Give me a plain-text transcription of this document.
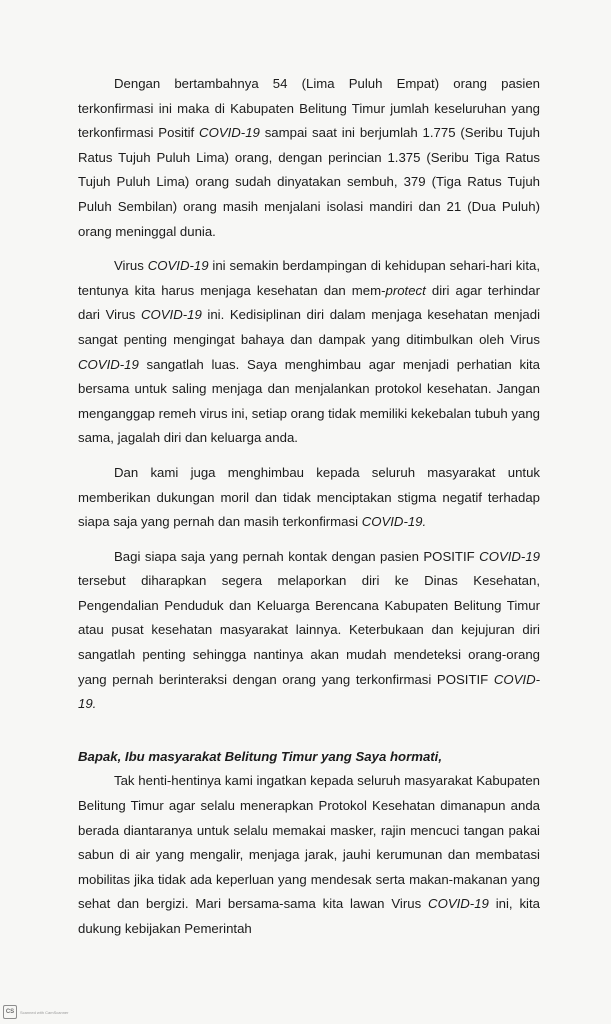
Dengan bertambahnya 54 (Lima Puluh Empat) orang pasien terkonfirmasi ini maka di Kabupaten Belitung Timur jumlah keseluruhan yang terkonfirmasi Positif COVID-19 sampai saat ini berjumlah 1.775 (Seribu Tujuh Ratus Tujuh Puluh Lima) orang, dengan perincian 1.375 (Seribu Tiga Ratus Tujuh Puluh Lima) orang sudah dinyatakan sembuh, 379 (Tiga Ratus Tujuh Puluh Sembilan) orang masih menjalani isolasi mandiri dan 21 (Dua Puluh) orang meninggal dunia.

Virus COVID-19 ini semakin berdampingan di kehidupan sehari-hari kita, tentunya kita harus menjaga kesehatan dan mem-protect diri agar terhindar dari Virus COVID-19 ini. Kedisiplinan diri dalam menjaga kesehatan menjadi sangat penting mengingat bahaya dan dampak yang ditimbulkan oleh Virus COVID-19 sangatlah luas. Saya menghimbau agar menjadi perhatian kita bersama untuk saling menjaga dan menjalankan protokol kesehatan. Jangan menganggap remeh virus ini, setiap orang tidak memiliki kekebalan tubuh yang sama, jagalah diri dan keluarga anda.

Dan kami juga menghimbau kepada seluruh masyarakat untuk memberikan dukungan moril dan tidak menciptakan stigma negatif terhadap siapa saja yang pernah dan masih terkonfirmasi COVID-19.

Bagi siapa saja yang pernah kontak dengan pasien POSITIF COVID-19 tersebut diharapkan segera melaporkan diri ke Dinas Kesehatan, Pengendalian Penduduk dan Keluarga Berencana Kabupaten Belitung Timur atau pusat kesehatan masyarakat lainnya. Keterbukaan dan kejujuran diri sangatlah penting sehingga nantinya akan mudah mendeteksi orang-orang yang pernah berinteraksi dengan orang yang terkonfirmasi POSITIF COVID-19.

Bapak, Ibu masyarakat Belitung Timur yang Saya hormati,

Tak henti-hentinya kami ingatkan kepada seluruh masyarakat Kabupaten Belitung Timur agar selalu menerapkan Protokol Kesehatan dimanapun anda berada diantaranya untuk selalu memakai masker, rajin mencuci tangan pakai sabun di air yang mengalir, menjaga jarak, jauhi kerumunan dan membatasi mobilitas jika tidak ada keperluan yang mendesak serta makan-makanan yang sehat dan bergizi. Mari bersama-sama kita lawan Virus COVID-19 ini, kita dukung kebijakan Pemerintah

CS	Scanned with CamScanner
